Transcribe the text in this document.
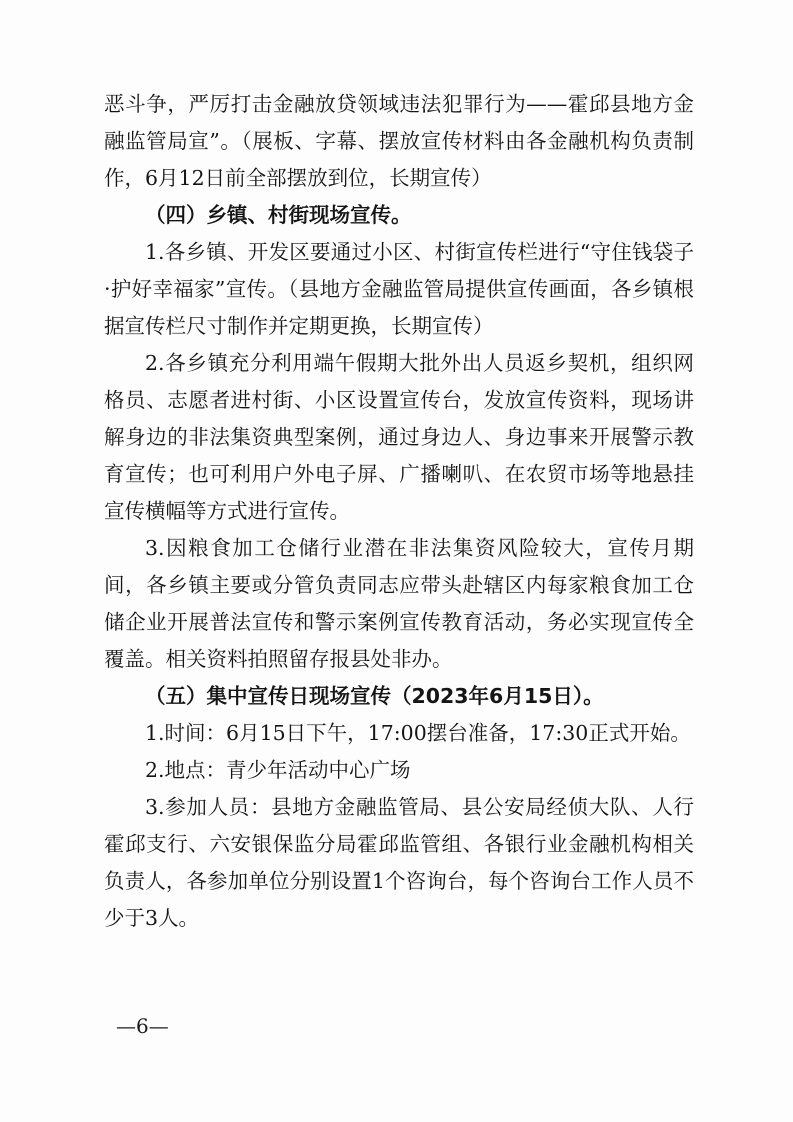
恶斗争，严厉打击金融放贷领域违法犯罪行为——霍邱县地方金融监管局宣”。（展板、字幕、摆放宣传材料由各金融机构负责制作，6月12日前全部摆放到位，长期宣传）

（四）乡镇、村街现场宣传。

1.各乡镇、开发区要通过小区、村街宣传栏进行“守住钱袋子·护好幸福家”宣传。（县地方金融监管局提供宣传画面，各乡镇根据宣传栏尺寸制作并定期更换，长期宣传）

2.各乡镇充分利用端午假期大批外出人员返乡契机，组织网格员、志愿者进村街、小区设置宣传台，发放宣传资料，现场讲解身边的非法集资典型案例，通过身边人、身边事来开展警示教育宣传；也可利用户外电子屏、广播喇叭、在农贸市场等地悬挂宣传横幅等方式进行宣传。

3.因粮食加工仓储行业潜在非法集资风险较大，宣传月期间，各乡镇主要或分管负责同志应带头赴辖区内每家粮食加工仓储企业开展普法宣传和警示案例宣传教育活动，务必实现宣传全覆盖。相关资料拍照留存报县处非办。

（五）集中宣传日现场宣传（2023年6月15日）。

1.时间：6月15日下午，17:00摆台准备，17:30正式开始。

2.地点：青少年活动中心广场

3.参加人员：县地方金融监管局、县公安局经侦大队、人行霍邱支行、六安银保监分局霍邱监管组、各银行业金融机构相关负责人，各参加单位分别设置1个咨询台，每个咨询台工作人员不少于3人。

—6—
